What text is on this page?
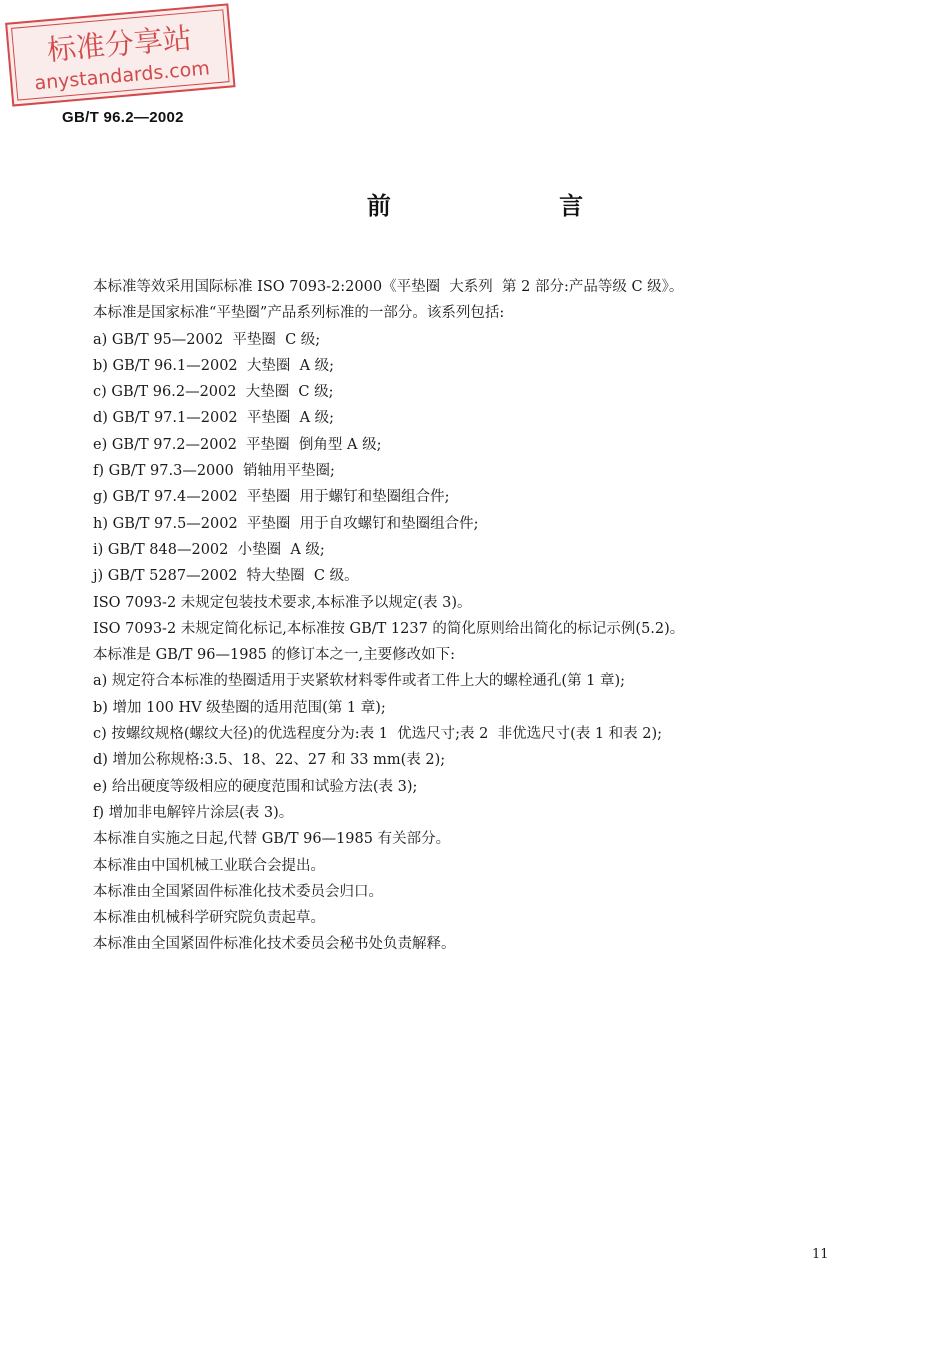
标准分享站
anystandards.com
GB/T 96.2—2002
前 言
本标准等效采用国际标准 ISO 7093-2:2000《平垫圈  大系列  第 2 部分:产品等级 C 级》。
本标准是国家标准“平垫圈”产品系列标准的一部分。该系列包括:
a) GB/T 95—2002  平垫圈  C 级;
b) GB/T 96.1—2002  大垫圈  A 级;
c) GB/T 96.2—2002  大垫圈  C 级;
d) GB/T 97.1—2002  平垫圈  A 级;
e) GB/T 97.2—2002  平垫圈  倒角型 A 级;
f) GB/T 97.3—2000  销轴用平垫圈;
g) GB/T 97.4—2002  平垫圈  用于螺钉和垫圈组合件;
h) GB/T 97.5—2002  平垫圈  用于自攻螺钉和垫圈组合件;
i) GB/T 848—2002  小垫圈  A 级;
j) GB/T 5287—2002  特大垫圈  C 级。
ISO 7093-2 未规定包装技术要求,本标准予以规定(表 3)。
ISO 7093-2 未规定简化标记,本标准按 GB/T 1237 的简化原则给出简化的标记示例(5.2)。
本标准是 GB/T 96—1985 的修订本之一,主要修改如下:
a) 规定符合本标准的垫圈适用于夹紧软材料零件或者工件上大的螺栓通孔(第 1 章);
b) 增加 100 HV 级垫圈的适用范围(第 1 章);
c) 按螺纹规格(螺纹大径)的优选程度分为:表 1  优选尺寸;表 2  非优选尺寸(表 1 和表 2);
d) 增加公称规格:3.5、18、22、27 和 33 mm(表 2);
e) 给出硬度等级相应的硬度范围和试验方法(表 3);
f) 增加非电解锌片涂层(表 3)。
本标准自实施之日起,代替 GB/T 96—1985 有关部分。
本标准由中国机械工业联合会提出。
本标准由全国紧固件标准化技术委员会归口。
本标准由机械科学研究院负责起草。
本标准由全国紧固件标准化技术委员会秘书处负责解释。
11
